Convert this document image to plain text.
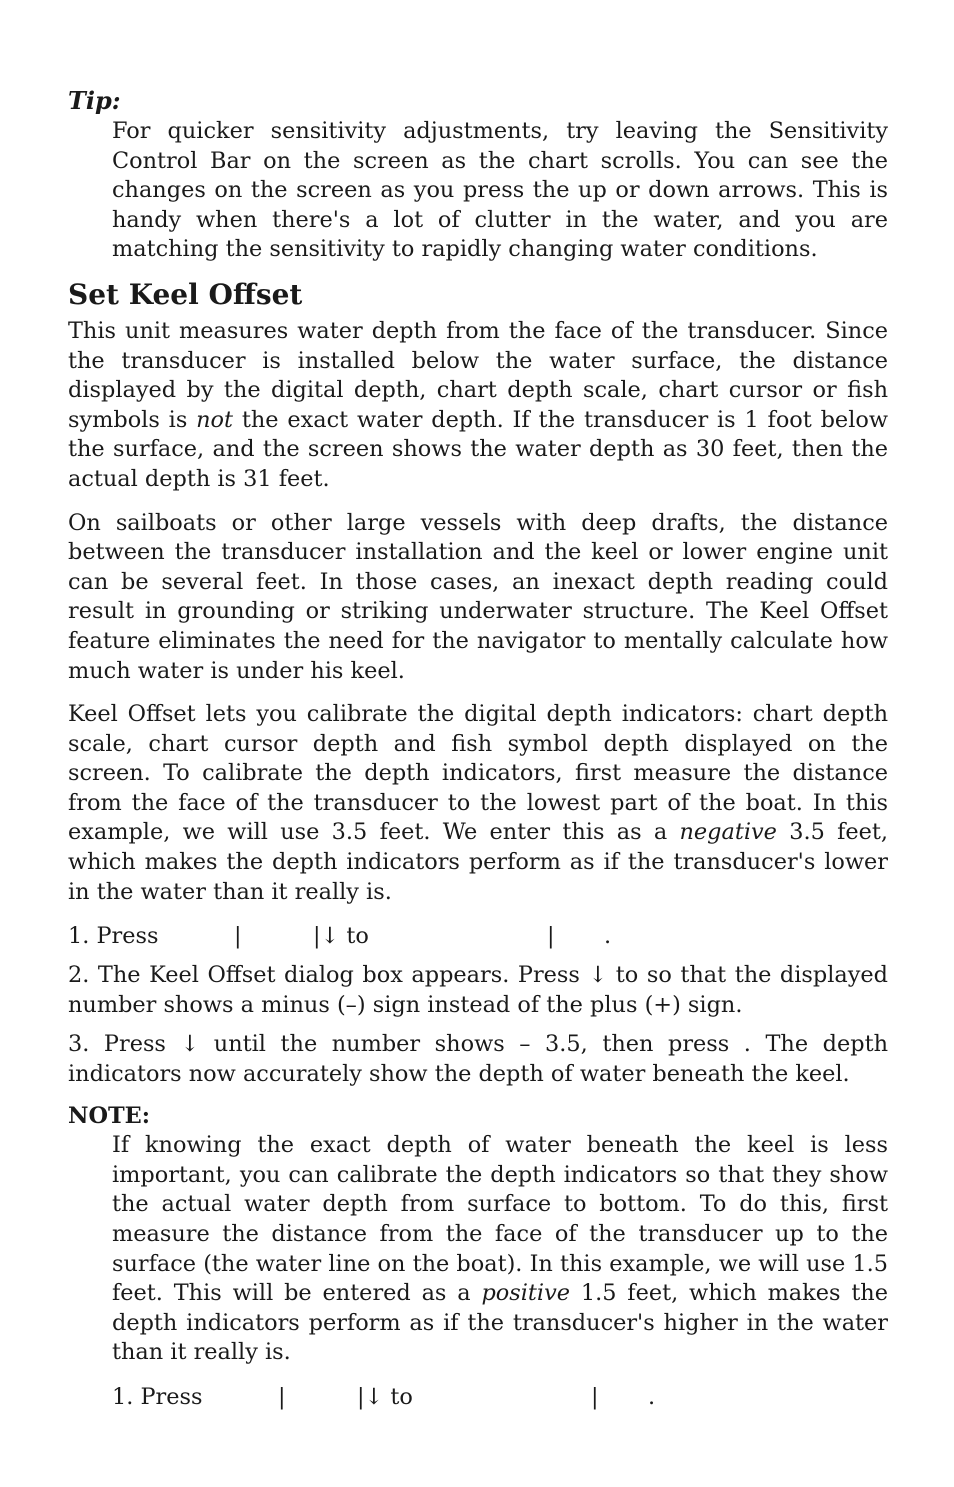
Tip:

For quicker sensitivity adjustments, try leaving the Sensitivity Control Bar on the screen as the chart scrolls. You can see the changes on the screen as you press the up or down arrows. This is handy when there's a lot of clutter in the water, and you are matching the sensitivity to rapidly changing water conditions.

Set Keel Offset

This unit measures water depth from the face of the transducer. Since the transducer is installed below the water surface, the distance displayed by the digital depth, chart depth scale, chart cursor or fish symbols is not the exact water depth. If the transducer is 1 foot below the surface, and the screen shows the water depth as 30 feet, then the actual depth is 31 feet.

On sailboats or other large vessels with deep drafts, the distance between the transducer installation and the keel or lower engine unit can be several feet. In those cases, an inexact depth reading could result in grounding or striking underwater structure. The Keel Offset feature eliminates the need for the navigator to mentally calculate how much water is under his keel.

Keel Offset lets you calibrate the digital depth indicators: chart depth scale, chart cursor depth and fish symbol depth displayed on the screen. To calibrate the depth indicators, first measure the distance from the face of the transducer to the lowest part of the boat. In this example, we will use 3.5 feet. We enter this as a negative 3.5 feet, which makes the depth indicators perform as if the transducer's lower in the water than it really is.

1. Press	|	|↓ to	| .

2. The Keel Offset dialog box appears. Press ↓ to so that the displayed number shows a minus (–) sign instead of the plus (+) sign.

3. Press ↓ until the number shows – 3.5, then press . The depth indicators now accurately show the depth of water beneath the keel.

NOTE:

If knowing the exact depth of water beneath the keel is less important, you can calibrate the depth indicators so that they show the actual water depth from surface to bottom. To do this, first measure the distance from the face of the transducer up to the surface (the water line on the boat). In this example, we will use 1.5 feet. This will be entered as a positive 1.5 feet, which makes the depth indicators perform as if the transducer's higher in the water than it really is.

1. Press	|	|↓ to	| .
